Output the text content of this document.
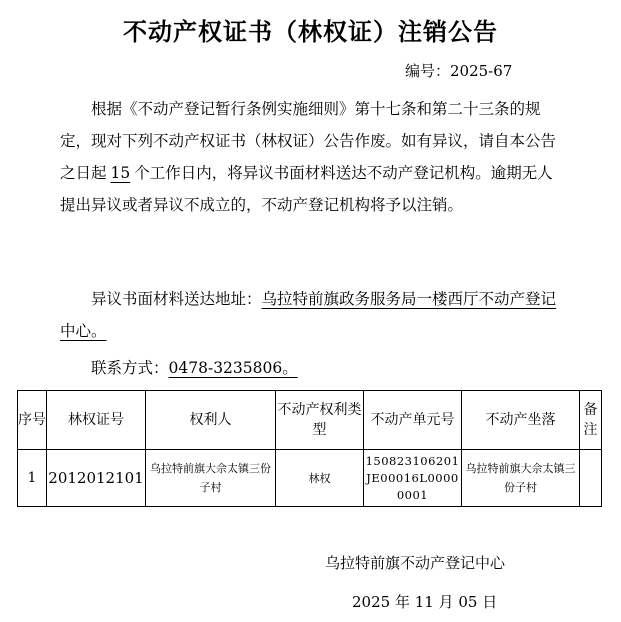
不动产权证书（林权证）注销公告
编号：2025-67

根据《不动产登记暂行条例实施细则》第十七条和第二十三条的规定，现对下列不动产权证书（林权证）公告作废。如有异议，请自本公告之日起 15 个工作日内，将异议书面材料送达不动产登记机构。逾期无人提出异议或者异议不成立的，不动产登记机构将予以注销。

异议书面材料送达地址：乌拉特前旗政务服务局一楼西厅不动产登记中心。

联系方式：0478-3235806。

序号	林权证号	权利人	不动产权利类型	不动产单元号	不动产坐落	备注
1	2012012101	乌拉特前旗大佘太镇三份子村	林权	150823106201JE00016L00000001	乌拉特前旗大佘太镇三份子村	
乌拉特前旗不动产登记中心
2025 年 11 月 05 日
